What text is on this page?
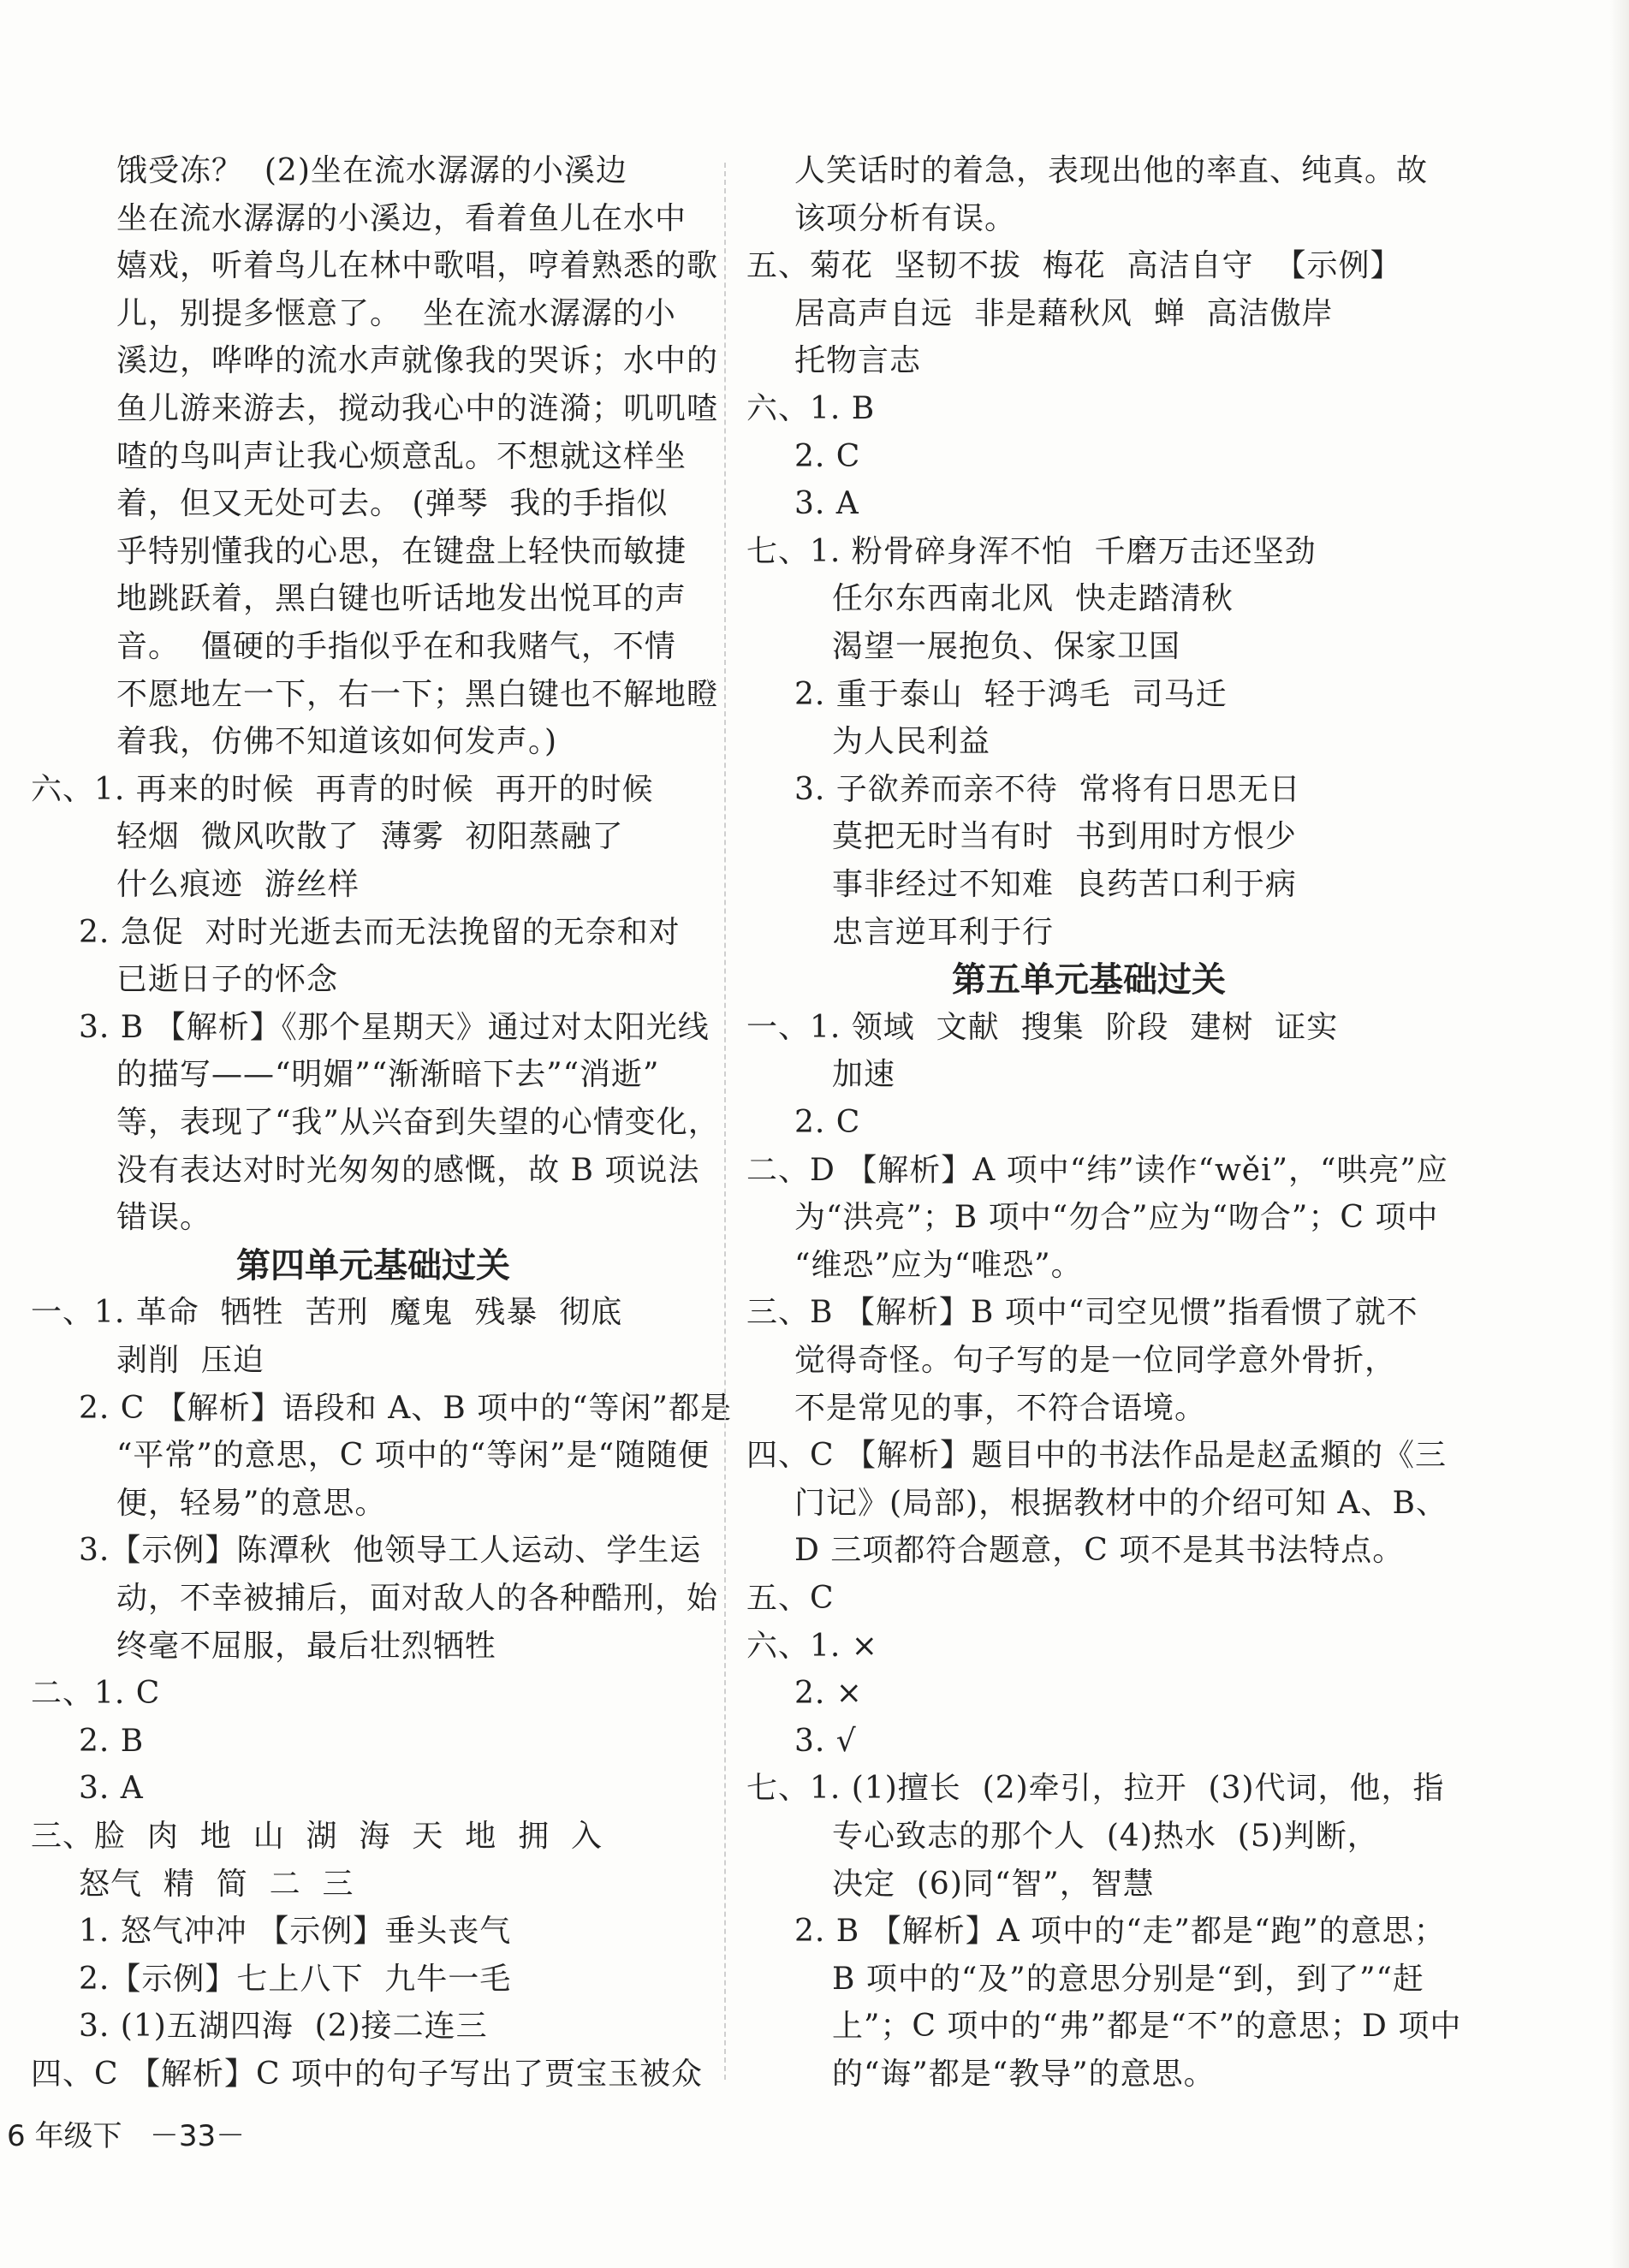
饿受冻？  (2)坐在流水潺潺的小溪边
坐在流水潺潺的小溪边，看着鱼儿在水中
嬉戏，听着鸟儿在林中歌唱，哼着熟悉的歌
儿，别提多惬意了。  坐在流水潺潺的小
溪边，哗哗的流水声就像我的哭诉；水中的
鱼儿游来游去，搅动我心中的涟漪；叽叽喳
喳的鸟叫声让我心烦意乱。不想就这样坐
着，但又无处可去。 (弹琴  我的手指似
乎特别懂我的心思，在键盘上轻快而敏捷
地跳跃着，黑白键也听话地发出悦耳的声
音。  僵硬的手指似乎在和我赌气，不情
不愿地左一下，右一下；黑白键也不解地瞪
着我，仿佛不知道该如何发声。)
六、1. 再来的时候  再青的时候  再开的时候
轻烟  微风吹散了  薄雾  初阳蒸融了
什么痕迹  游丝样
2. 急促  对时光逝去而无法挽留的无奈和对
已逝日子的怀念
3. B 【解析】《那个星期天》通过对太阳光线
的描写——“明媚”“渐渐暗下去”“消逝”
等，表现了“我”从兴奋到失望的心情变化，
没有表达对时光匆匆的感慨，故 B 项说法
错误。
第四单元基础过关
一、1. 革命  牺牲  苦刑  魔鬼  残暴  彻底
剥削  压迫
2. C 【解析】语段和 A、B 项中的“等闲”都是
“平常”的意思，C 项中的“等闲”是“随随便
便，轻易”的意思。
3.【示例】陈潭秋  他领导工人运动、学生运
动，不幸被捕后，面对敌人的各种酷刑，始
终毫不屈服，最后壮烈牺牲
二、1. C
2. B
3. A
三、脸  肉  地  山  湖  海  天  地  拥  入
怒气  精  简  二  三
1. 怒气冲冲 【示例】垂头丧气
2.【示例】七上八下  九牛一毛
3. (1)五湖四海  (2)接二连三
四、C 【解析】C 项中的句子写出了贾宝玉被众
人笑话时的着急，表现出他的率直、纯真。故
该项分析有误。
五、菊花  坚韧不拔  梅花  高洁自守  【示例】
居高声自远  非是藉秋风  蝉  高洁傲岸
托物言志
六、1. B
2. C
3. A
七、1. 粉骨碎身浑不怕  千磨万击还坚劲
任尔东西南北风  快走踏清秋
渴望一展抱负、保家卫国
2. 重于泰山  轻于鸿毛  司马迁
为人民利益
3. 子欲养而亲不待  常将有日思无日
莫把无时当有时  书到用时方恨少
事非经过不知难  良药苦口利于病
忠言逆耳利于行
第五单元基础过关
一、1. 领域  文献  搜集  阶段  建树  证实
加速
2. C
二、D 【解析】A 项中“纬”读作“wěi”，“哄亮”应
为“洪亮”；B 项中“勿合”应为“吻合”；C 项中
“维恐”应为“唯恐”。
三、B 【解析】B 项中“司空见惯”指看惯了就不
觉得奇怪。句子写的是一位同学意外骨折，
不是常见的事，不符合语境。
四、C 【解析】题目中的书法作品是赵孟頫的《三
门记》(局部)，根据教材中的介绍可知 A、B、
D 三项都符合题意，C 项不是其书法特点。
五、C
六、1. ×
2. ×
3. √
七、1. (1)擅长  (2)牵引，拉开  (3)代词，他，指
专心致志的那个人  (4)热水  (5)判断，
决定  (6)同“智”，智慧
2. B 【解析】A 项中的“走”都是“跑”的意思；
B 项中的“及”的意思分别是“到，到了”“赶
上”；C 项中的“弗”都是“不”的意思；D 项中
的“诲”都是“教导”的意思。
6 年级下 －33－
